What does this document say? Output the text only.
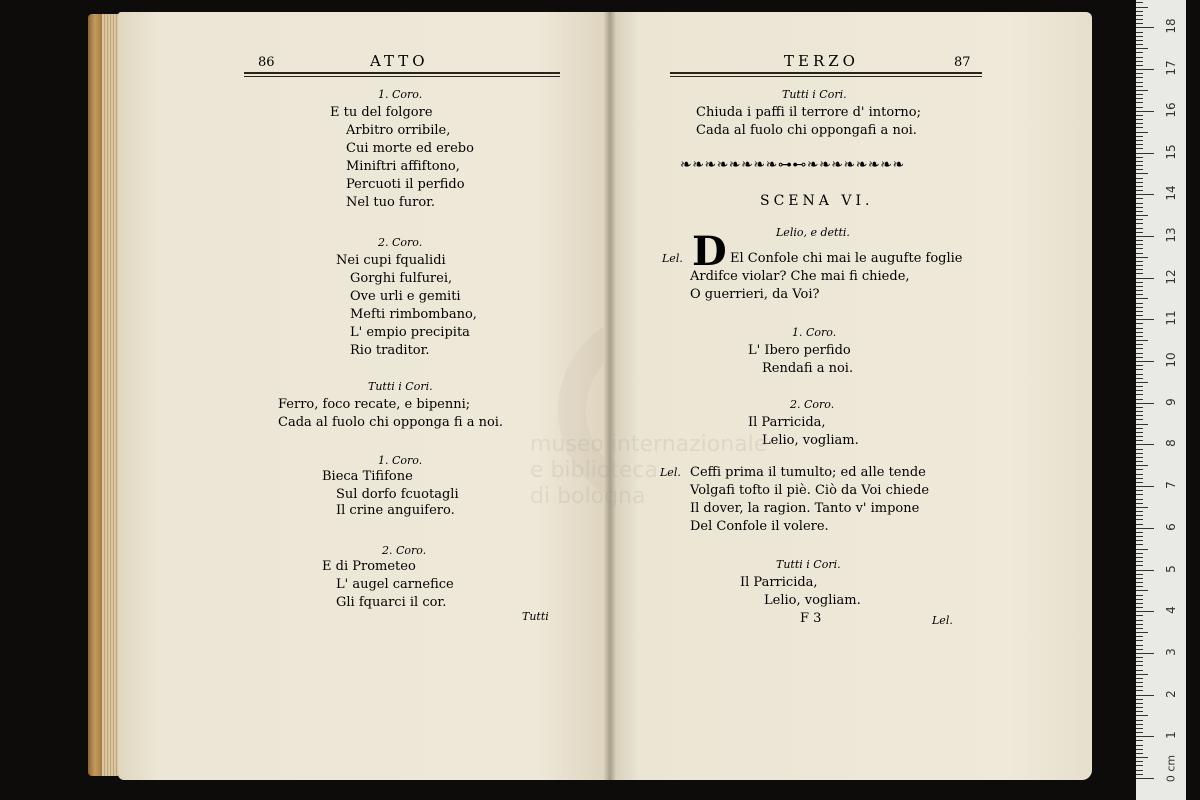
86	ATTO
1. Coro.
E tu del folgore
Arbitro orribile,
Cui morte ed erebo
Miniftri affiftono,
Percuoti il perfido
Nel tuo furor.
2. Coro.
Nei cupi fqualidi
Gorghi fulfurei,
Ove urli e gemiti
Mefti rimbombano,
L' empio precipita
Rio traditor.
Tutti i Cori.
Ferro, foco recate, e bipenni;
Cada al fuolo chi opponga fi a noi.
1. Coro.
Bieca Tififone
Sul dorfo fcuotagli
Il crine anguifero.
2. Coro.
E di Prometeo
L' augel carnefice
Gli fquarci il cor.
Tutti
TERZO	87
Tutti i Cori.
Chiuda i paffi il terrore d' intorno;
Cada al fuolo chi oppongafi a noi.
El Confole chi mai le augufte foglie
Ardifce violar? Che mai fi chiede,
O guerrieri, da Voi?
1. Coro.
L' Ibero perfido
Rendafi a noi.
2. Coro.
Il Parricida,
Lelio, vogliam.
Ceffi prima il tumulto; ed alle tende
Volgafi tofto il piè. Ciò da Voi chiede
Il dover, la ragion. Tanto v' impone
Del Confole il volere.
Tutti i Cori.
Il Parricida,
Lelio, vogliam.
❧❧❧❧❧❧❧❧⊶⊷❧❧❧❧❧❧❧❧
SCENA VI.
Lelio, e detti.
Lel. D
Lel.
F 3	Lel.
museo internazionale
e biblioteca
di bologna
0 cm
1
2
3
4
5
6
7
8
9
10
11
12
13
14
15
16
17
18
